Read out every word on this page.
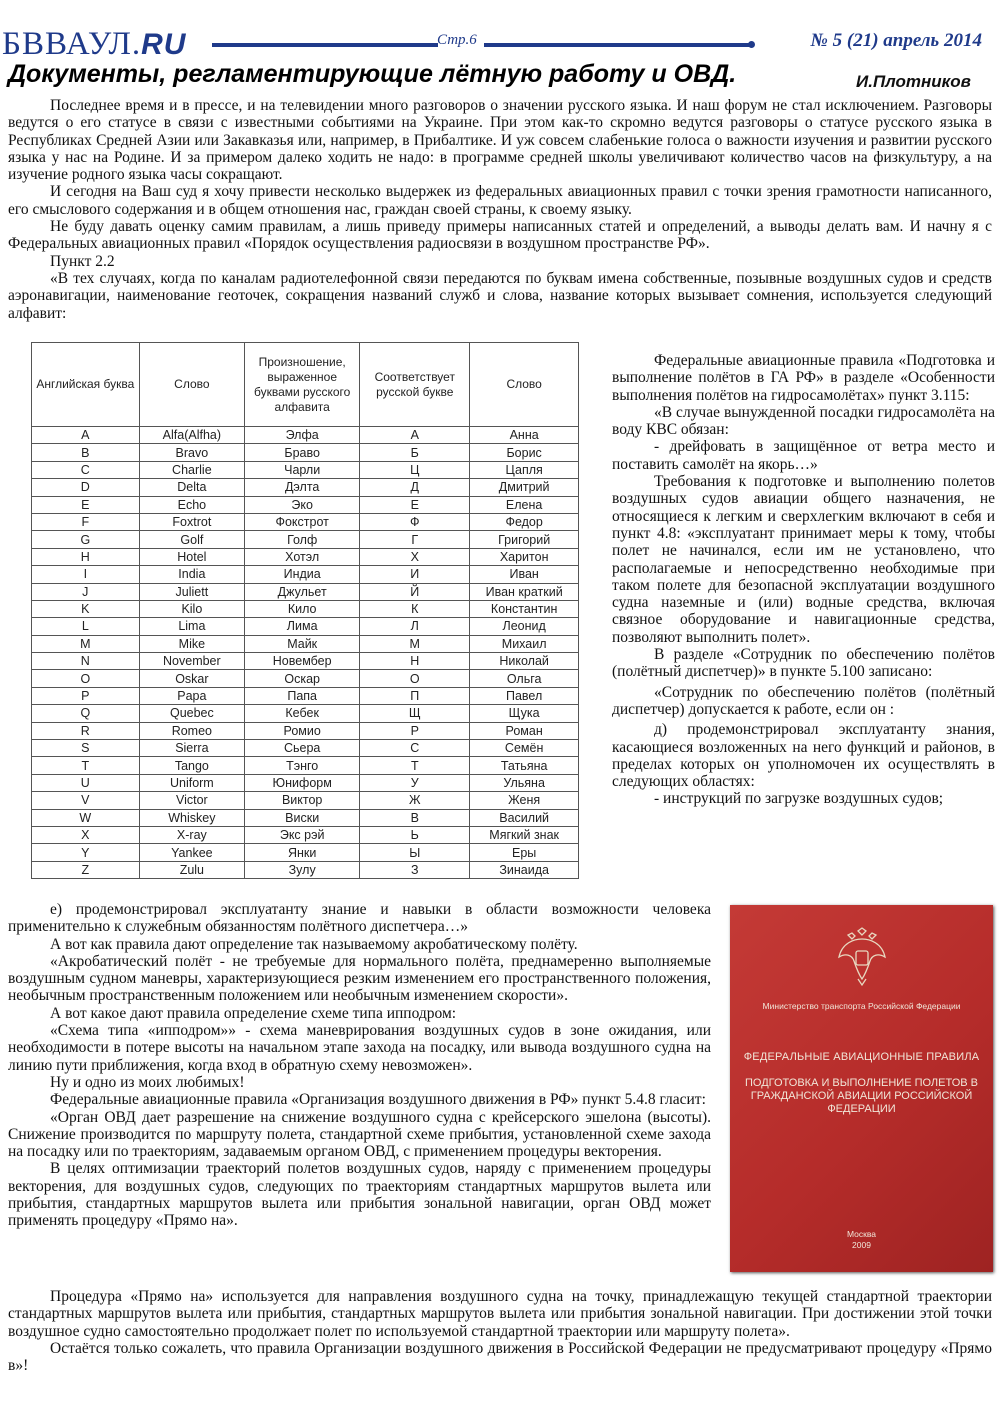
БВВАУЛ.RU	Стр.6	№ 5 (21) апрель 2014
Документы, регламентирующие лётную работу и ОВД.	И.Плотников

Последнее время и в прессе, и на телевидении много разговоров о значении русского языка. И наш форум не стал исключением. Разговоры ведутся о его статусе в связи с известными событиями на Украине. При этом как-то скромно ведутся разговоры о статусе русского языка в Республиках Средней Азии или Закавказья или, например, в Прибалтике. И уж совсем слабенькие голоса о важности изучения и развитии русского языка у нас на Родине. И за примером далеко ходить не надо: в программе средней школы увеличивают количество часов на физкультуру, а на изучение родного языка часы сокращают.

И сегодня на Ваш суд я хочу привести несколько выдержек из федеральных авиационных правил с точки зрения грамотности написанного, его смыслового содержания и в общем отношения нас, граждан своей страны, к своему языку.

Не буду давать оценку самим правилам, а лишь приведу примеры написанных статей и определений, а выводы делать вам. И начну я с Федеральных авиационных правил «Порядок осуществления радиосвязи в воздушном пространстве РФ».

Пункт 2.2

«В тех случаях, когда по каналам радиотелефонной связи передаются по буквам имена собственные, позывные воздушных судов и средств аэронавигации, наименование геоточек, сокращения названий служб и слова, название которых вызывает сомнения, используется следующий алфавит:

Английская буква	Слово	Произношение, выраженное буквами русского алфавита	Соответствует русской букве	Слово
A	Alfa(Alfha)	Элфа	А	Анна
B	Bravo	Браво	Б	Борис
C	Charlie	Чарли	Ц	Цапля
D	Delta	Дэлта	Д	Дмитрий
E	Echo	Эко	Е	Елена
F	Foxtrot	Фокстрот	Ф	Федор
G	Golf	Голф	Г	Григорий
H	Hotel	Хотэл	Х	Харитон
I	India	Индиа	И	Иван
J	Juliett	Джульет	Й	Иван краткий
K	Kilo	Кило	К	Константин
L	Lima	Лима	Л	Леонид
M	Mike	Майк	М	Михаил
N	November	Новембер	Н	Николай
O	Oskar	Оскар	О	Ольга
P	Papa	Папа	П	Павел
Q	Quebec	Кебек	Щ	Щука
R	Romeo	Ромио	Р	Роман
S	Sierra	Сьера	С	Семён
T	Tango	Тэнго	Т	Татьяна
U	Uniform	Юниформ	У	Ульяна
V	Victor	Виктор	Ж	Женя
W	Whiskey	Виски	В	Василий
X	X-ray	Экс рэй	Ь	Мягкий знак
Y	Yankee	Янки	Ы	Еры
Z	Zulu	Зулу	З	Зинаида

Федеральные авиационные правила «Подготовка и выполнение полётов в ГА РФ» в разделе «Особенности выполнения полётов на гидросамолётах» пункт 3.115:

«В случае вынужденной посадки гидросамолёта на воду КВС обязан:

- дрейфовать в защищённое от ветра место и поставить самолёт на якорь…»

Требования к подготовке и выполнению полетов воздушных судов авиации общего назначения, не относящиеся к легким и сверхлегким включают в себя и пункт 4.8: «эксплуатант принимает меры к тому, чтобы полет не начинался, если им не установлено, что располагаемые и непосредственно необходимые при таком полете для безопасной эксплуатации воздушного судна наземные и (или) водные средства, включая связное оборудование и навигационные средства, позволяют выполнить полет».

В разделе «Сотрудник по обеспечению полётов (полётный диспетчер)» в пункте 5.100 записано:

«Сотрудник по обеспечению полётов (полётный диспетчер) допускается к работе, если он :

д) продемонстрировал эксплуатанту знания, касающиеся возложенных на него функций и районов, в пределах которых он уполномочен их осуществлять в следующих областях:

- инструкций по загрузке воздушных судов;

е) продемонстрировал эксплуатанту знание и навыки в области возможности человека применительно к служебным обязанностям полётного диспетчера…»

А вот как правила дают определение так называемому акробатическому полёту.

«Акробатический полёт - не требуемые для нормального полёта, преднамеренно выполняемые воздушным судном маневры, характеризующиеся резким изменением его пространственного положения, необычным пространственным положением или необычным изменением скорости».

А вот какое дают правила определение схеме типа ипподром:

«Схема типа «ипподром»» - схема маневрирования воздушных судов в зоне ожидания, или необходимости в потере высоты на начальном этапе захода на посадку, или вывода воздушного судна на линию пути приближения, когда вход в обратную схему невозможен».

Ну и одно из моих любимых!

Федеральные авиационные правила «Организация воздушного движения в РФ» пункт 5.4.8 гласит:

«Орган ОВД дает разрешение на снижение воздушного судна с крейсерского эшелона (высоты). Снижение производится по маршруту полета, стандартной схеме прибытия, установленной схеме захода на посадку или по траекториям, задаваемым органом ОВД, с применением процедуры векторения.

В целях оптимизации траекторий полетов воздушных судов, наряду с применением процедуры векторения, для воздушных судов, следующих по траекториям стандартных маршрутов вылета или прибытия, стандартных маршрутов вылета или прибытия зональной навигации, орган ОВД может применять процедуру «Прямо на».

Министерство транспорта Российской Федерации
ФЕДЕРАЛЬНЫЕ АВИАЦИОННЫЕ ПРАВИЛА
ПОДГОТОВКА И ВЫПОЛНЕНИЕ ПОЛЕТОВ В ГРАЖДАНСКОЙ АВИАЦИИ РОССИЙСКОЙ ФЕДЕРАЦИИ
Москва
2009

Процедура «Прямо на» используется для направления воздушного судна на точку, принадлежащую текущей стандартной траектории стандартных маршрутов вылета или прибытия, стандартных маршрутов вылета или прибытия зональной навигации. При достижении этой точки воздушное судно самостоятельно продолжает полет по используемой стандартной траектории или маршруту полета».

Остаётся только сожалеть, что правила Организации воздушного движения в Российской Федерации не предусматривают процедуру «Прямо в»!
